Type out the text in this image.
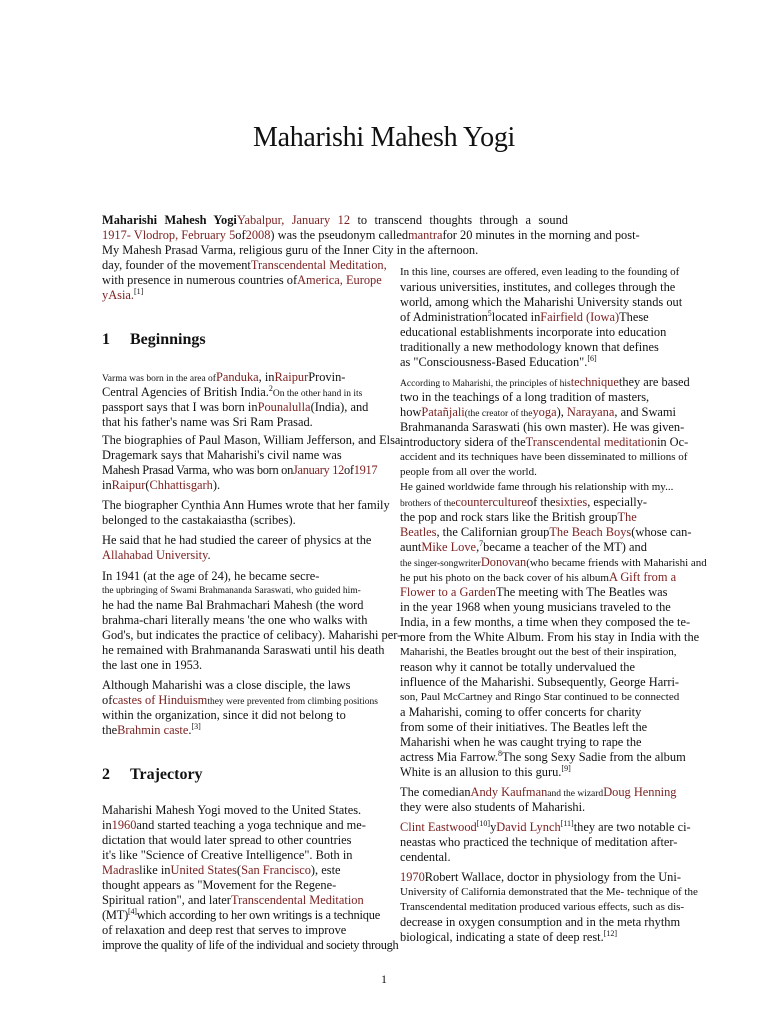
Maharishi Mahesh Yogi
Maharishi Mahesh YogiYabalpur, January 12 to transcend thoughts through a sound
1917- Vlodrop, February 5of2008) was the pseudonym calledmantrafor 20 minutes in the morning and post-
My Mahesh Prasad Varma, religious guru of the Inner City in the afternoon.
day, founder of the movementTranscendental Meditation,
with presence in numerous countries ofAmerica, Europe
yAsia.[1]
1 Beginnings
Varma was born in the area ofPanduka, inRaipurProvin-
Central Agencies of British India.$^2$On the other hand in its
passport says that I was born inPounalulla(India), and
that his father's name was Sri Ram Prasad.
The biographies of Paul Mason, William Jefferson, and Elsa
Dragemark says that Maharishi's civil name was
Mahesh Prasad Varma, who was born onJanuary 12of1917
inRaipur(Chhattisgarh).
The biographer Cynthia Ann Humes wrote that her family
belonged to the castakaiastha (scribes).
He said that he had studied the career of physics at the
Allahabad University.
In 1941 (at the age of 24), he became secre-
the upbringing of Swami Brahmananda Saraswati, who guided him-
he had the name Bal Brahmachari Mahesh (the word
brahma-chari literally means 'the one who walks with
God's, but indicates the practice of celibacy). Maharishi per-
he remained with Brahmananda Saraswati until his death
the last one in 1953.
Although Maharishi was a close disciple, the laws
ofcastes of Hinduismthey were prevented from climbing positions
within the organization, since it did not belong to
theBrahmin caste.[3]
2 Trajectory
Maharishi Mahesh Yogi moved to the United States.
in1960and started teaching a yoga technique and me-
dictation that would later spread to other countries
it's like "Science of Creative Intelligence". Both in
Madraslike inUnited States(San Francisco), este
thought appears as "Movement for the Regene-
Spiritual ration", and laterTranscendental Meditation
(MT)[4]which according to her own writings is a technique
of relaxation and deep rest that serves to improve
improve the quality of life of the individual and society through
In this line, courses are offered, even leading to the founding of
various universities, institutes, and colleges through the
world, among which the Maharishi University stands out
of Administration$^5$located inFairfield (Iowa)These
educational establishments incorporate into education
traditionally a new methodology known that defines
as "Consciousness-Based Education".[6]
According to Maharishi, the principles of histechniquethey are based
two in the teachings of a long tradition of masters,
howPatañjali(the creator of theyoga), Narayana, and Swami
Brahmananda Saraswati (his own master). He was given-
introductory sidera of theTranscendental meditationin Oc-
accident and its techniques have been disseminated to millions of
people from all over the world.
He gained worldwide fame through his relationship with my...
brothers of thecountercultureof thesixties, especially-
the pop and rock stars like the British groupThe
Beatles, the Californian groupThe Beach Boys(whose can-
auntMike Love,$^7$became a teacher of the MT) and
the singer-songwriterDonovan(who became friends with Maharishi and
he put his photo on the back cover of his albumA Gift from a
Flower to a GardenThe meeting with The Beatles was
in the year 1968 when young musicians traveled to the
India, in a few months, a time when they composed the te-
more from the White Album. From his stay in India with the
Maharishi, the Beatles brought out the best of their inspiration,
reason why it cannot be totally undervalued the
influence of the Maharishi. Subsequently, George Harri-
son, Paul McCartney and Ringo Star continued to be connected
a Maharishi, coming to offer concerts for charity
from some of their initiatives. The Beatles left the
Maharishi when he was caught trying to rape the
actress Mia Farrow.$^8$The song Sexy Sadie from the album
White is an allusion to this guru.[9]
The comedianAndy Kaufmanand the wizardDoug Henning
they were also students of Maharishi.
Clint Eastwood[10]yDavid Lynch[11]they are two notable ci-
neastas who practiced the technique of meditation after-
cendental.
1970Robert Wallace, doctor in physiology from the Uni-
University of California demonstrated that the Me- technique of the
Transcendental meditation produced various effects, such as dis-
decrease in oxygen consumption and in the meta rhythm
biological, indicating a state of deep rest.[12]
1
